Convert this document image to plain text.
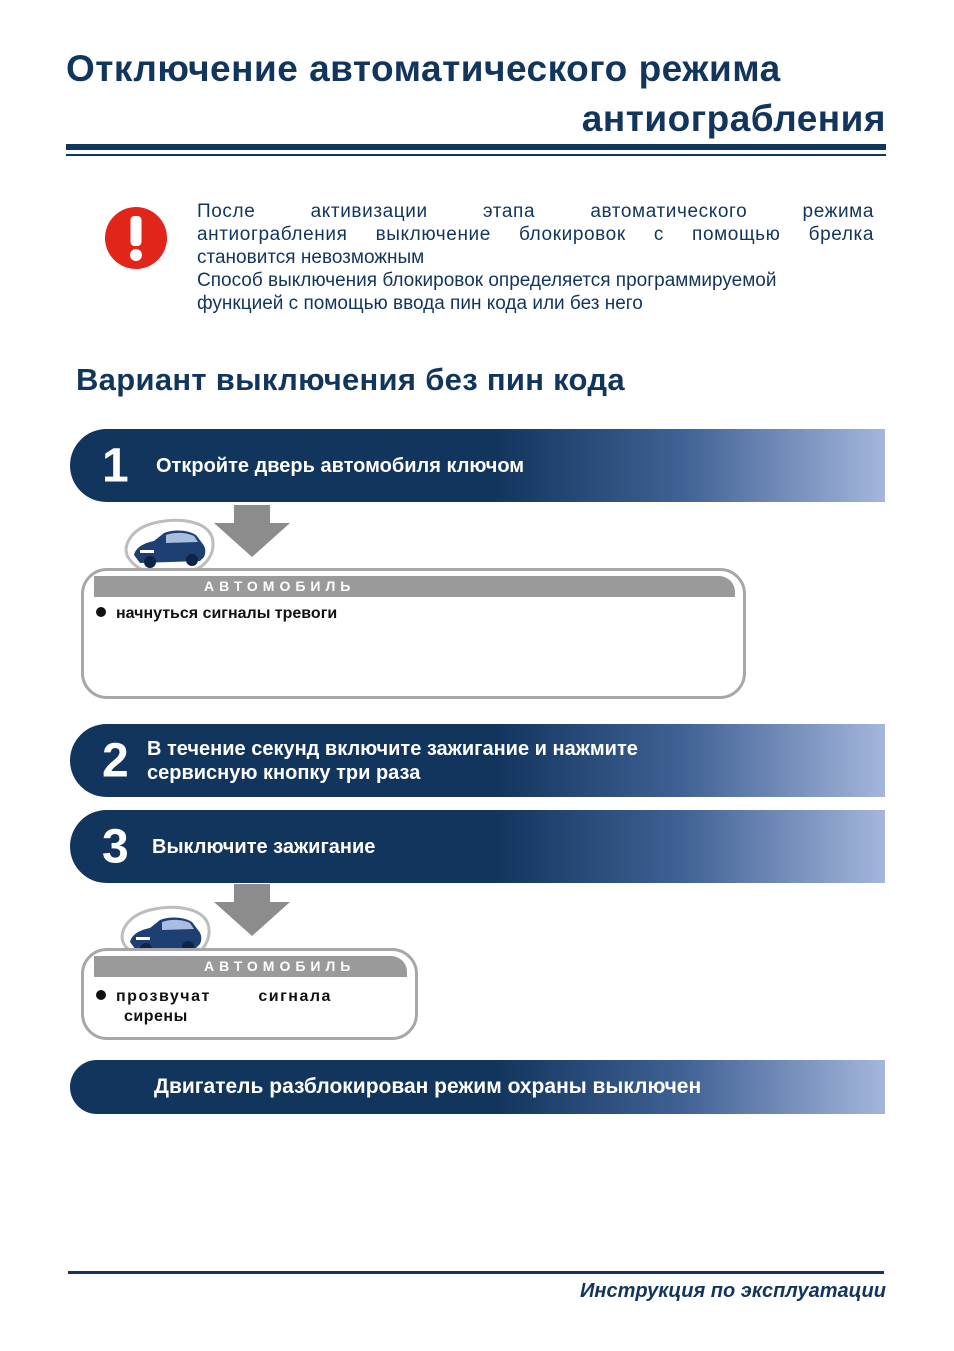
Отключение автоматического режима
антиограбления
После активизации этапа автоматического режима
антиограбления выключение блокировок с помощью брелка
становится невозможным
Способ выключения блокировок определяется программируемой
функцией с помощью ввода пин кода или без него
Вариант выключения без пин кода
1 Откройте дверь автомобиля ключом
АВТОМОБИЛЬ
начнуться сигналы тревоги
2 В течение секунд включите зажигание и нажмите
сервисную кнопку три раза
3 Выключите зажигание
АВТОМОБИЛЬ
прозвучат        сигнала
сирены
Двигатель разблокирован режим охраны выключен
Инструкция по эксплуатации
